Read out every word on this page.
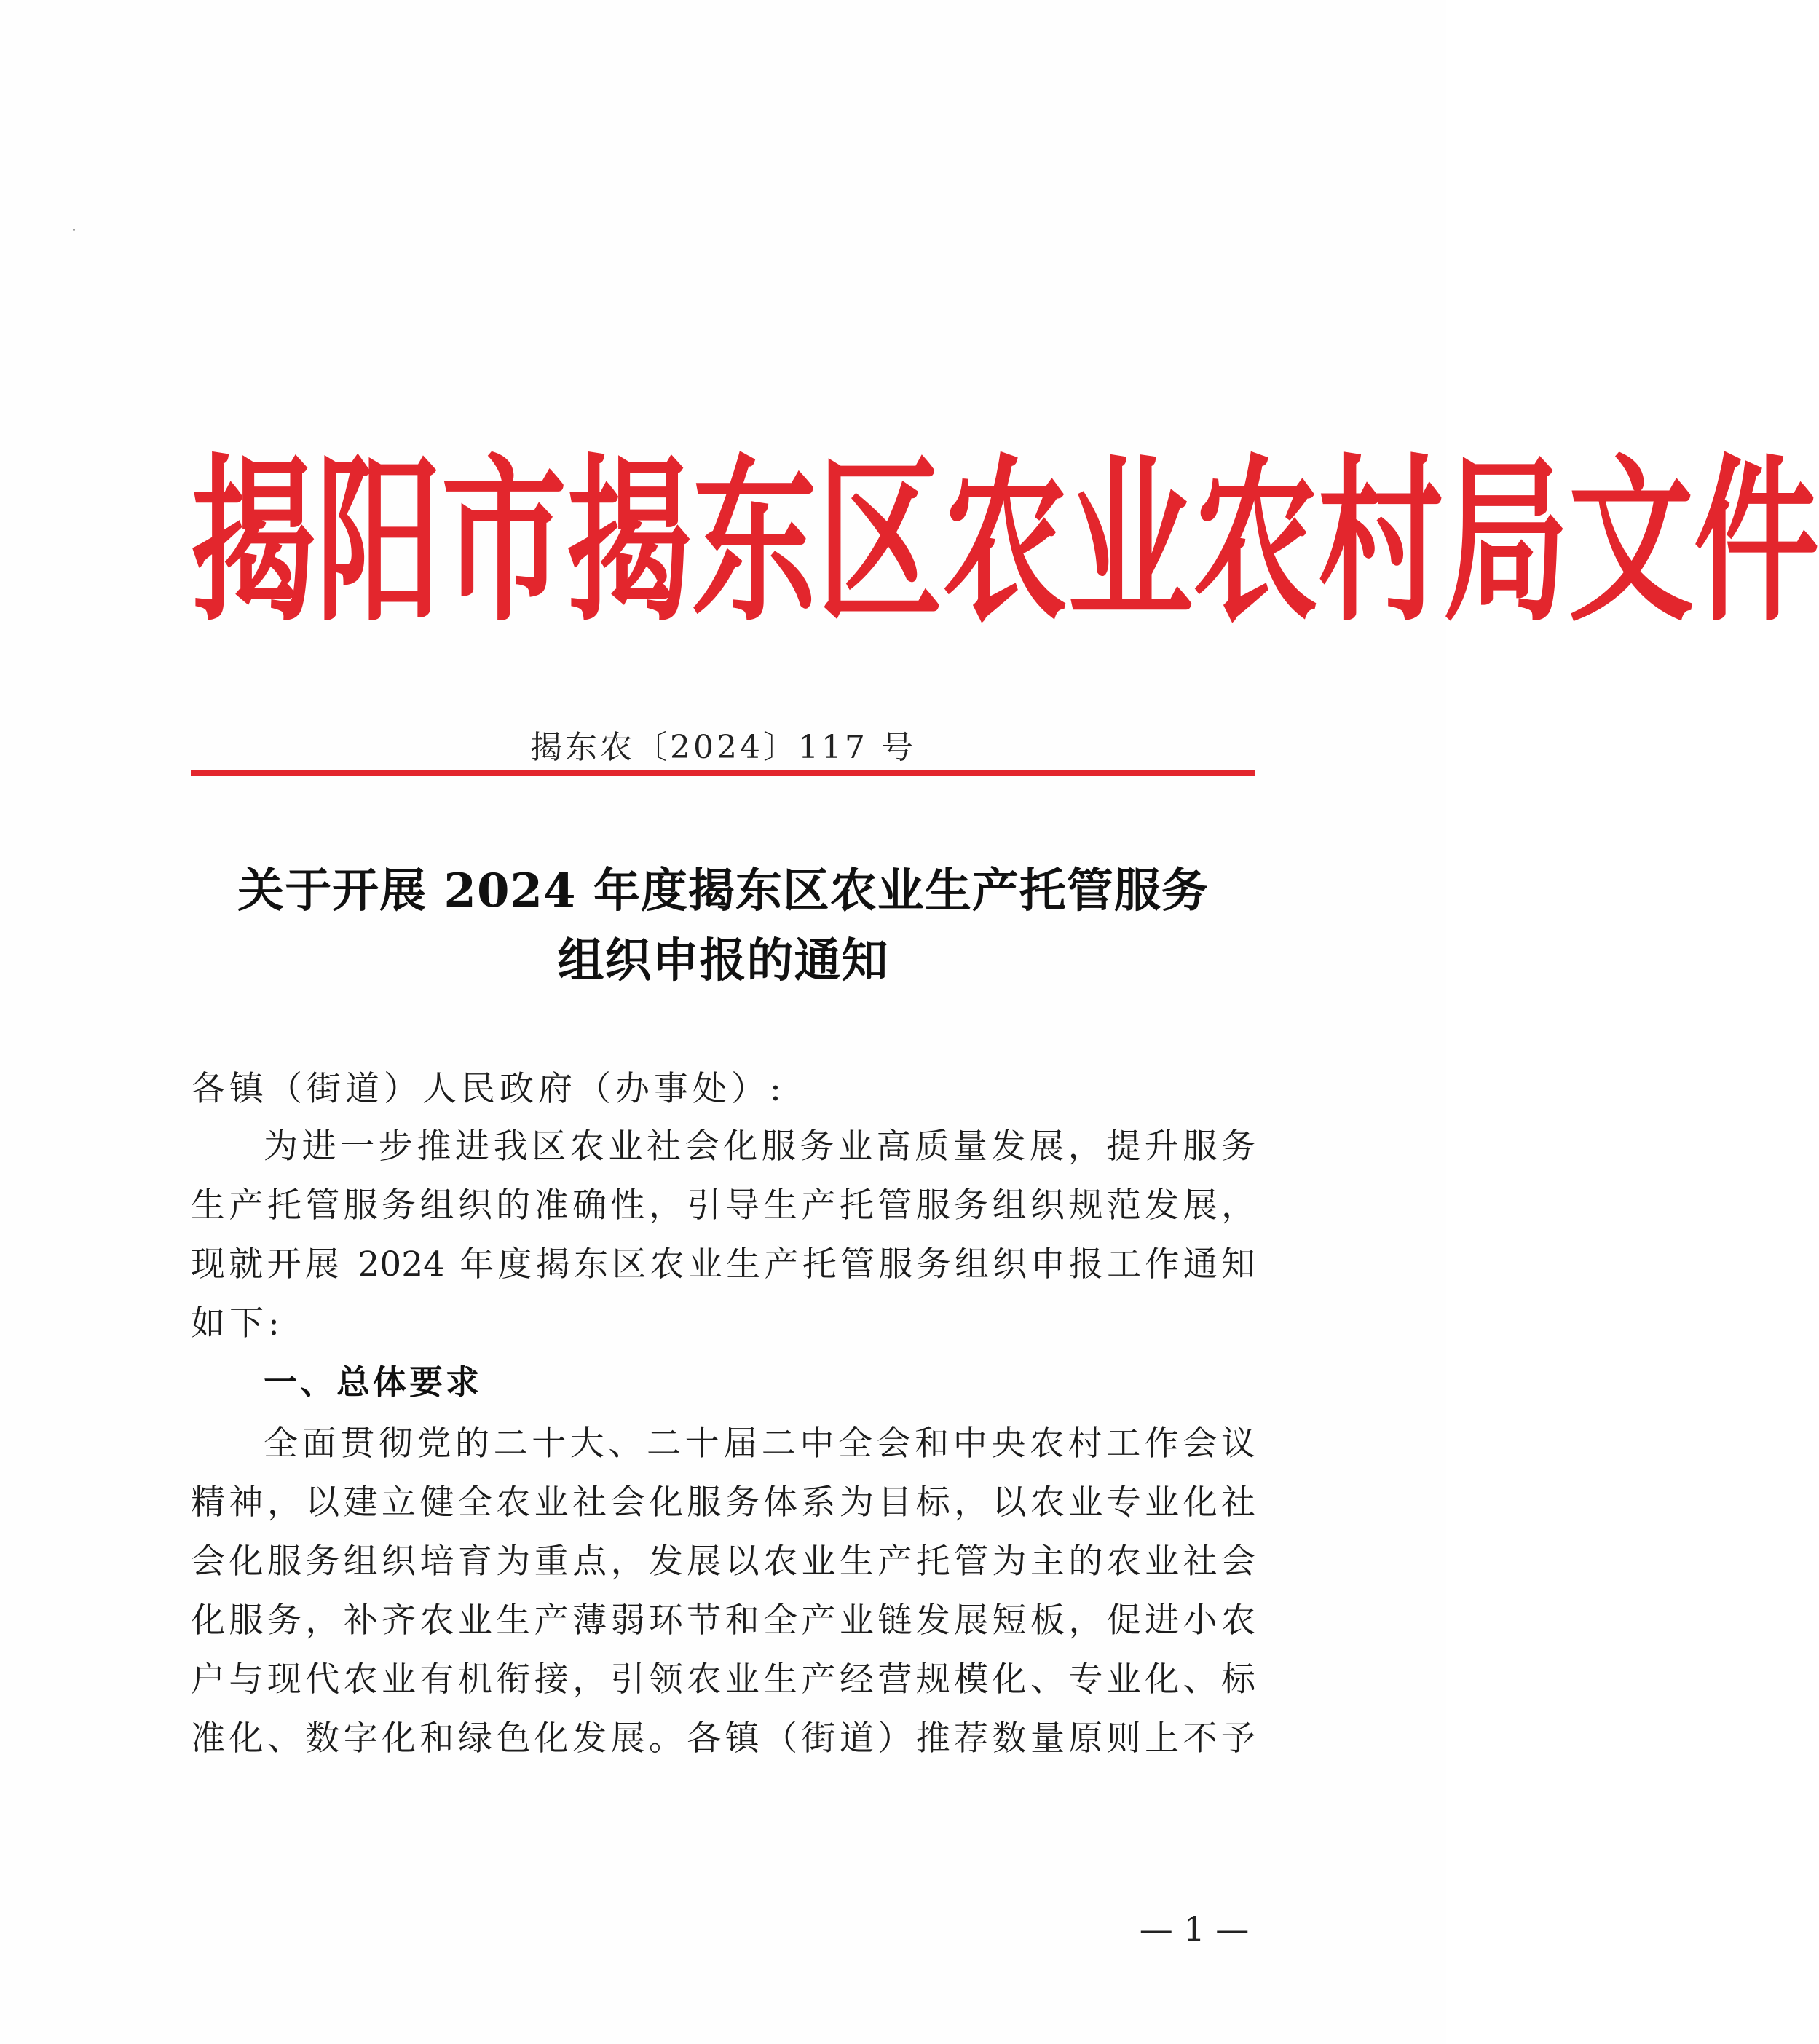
揭 阳 市 揭 东 区 农 业 农 村 局 文 件
揭东农〔2024〕117 号
关于开展 2024 年度揭东区农业生产托管服务
组织申报的通知
各镇（街道）人民政府（办事处）:
为进一步推进我区农业社会化服务业高质量发展，提升服务
生产托管服务组织的准确性，引导生产托管服务组织规范发展，
现就开展 2024 年度揭东区农业生产托管服务组织申报工作通知
如下:
一、总体要求
全面贯彻党的二十大、二十届二中全会和中央农村工作会议
精神，以建立健全农业社会化服务体系为目标，以农业专业化社
会化服务组织培育为重点，发展以农业生产托管为主的农业社会
化服务，补齐农业生产薄弱环节和全产业链发展短板，促进小农
户与现代农业有机衔接，引领农业生产经营规模化、专业化、标
准化、数字化和绿色化发展。各镇（街道）推荐数量原则上不予
— 1 —
